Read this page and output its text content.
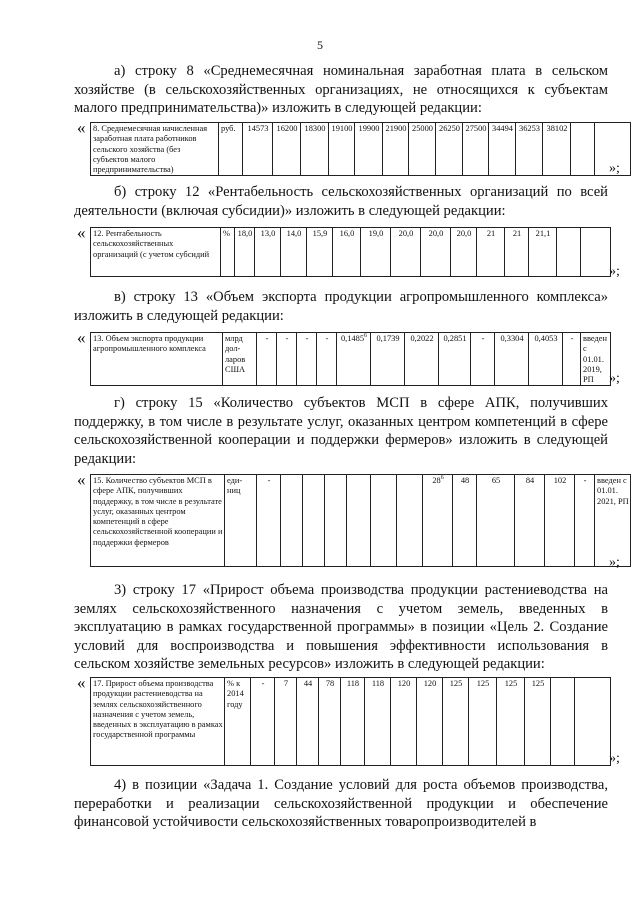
5

а) строку 8 «Среднемесячная номинальная заработная плата в сельском хозяйстве (в сельскохозяйственных организациях, не относящихся к субъектам малого предпринимательства)» изложить в следующей редакции:

« 8. Среднемесячная начисленная заработная плата работников сельского хозяйства (без субъектов малого предпринимательства)	руб.	14573	16200	18300	19100	19900	21900	25000	26250	27500	34494	36253	38102		
»;

б) строку 12 «Рентабельность сельскохозяйственных организаций по всей деятельности (включая субсидии)» изложить в следующей редакции:

« 12. Рентабельность сельскохозяйственных организаций (с учетом субсидий	%	18,0	13,0	14,0	15,9	16,0	19,0	20,0	20,0	20,0	21	21	21,1		
»;

в) строку 13 «Объем экспорта продукции агропромышленного комплекса» изложить в следующей редакции:

« 13. Объем экспорта продукции агропромышленного комплекса	млрд дол-ларов США	-	-	-	-	0,1485$^6$	0,1739	0,2022	0,2851	-	0,3304	0,4053	-	введен с 01.01. 2019, РП »;

г) строку 15 «Количество субъектов МСП в сфере АПК, получивших поддержку, в том числе в результате услуг, оказанных центром компетенций в сфере сельскохозяйственной кооперации и поддержки фермеров» изложить в следующей редакции:

« 15. Количество субъектов МСП в сфере АПК, получивших поддержку, в том числе в результате услуг, оказанных центром компетенций в сфере сельскохозяйственной кооперации и поддержки фермеров	еди-ниц	-							$28^6$	48	65	84	102	-	введен с 01.01. 2021, РП
»;

3) строку 17 «Прирост объема производства продукции растениеводства на землях сельскохозяйственного назначения с учетом земель, введенных в эксплуатацию в рамках государственной программы» в позиции «Цель 2. Создание условий для воспроизводства и повышения эффективности использования в сельском хозяйстве земельных ресурсов» изложить в следующей редакции:

« 17. Прирост объема производства продукции растениеводства на землях сельскохозяйственного назначения с учетом земель, введенных в эксплуатацию в рамках государственной программы	% к 2014 году	-	7	44	78	118	118	120	120	125	125	125	125		
»;

4) в позиции «Задача 1. Создание условий для роста объемов производства, переработки и реализации сельскохозяйственной продукции и обеспечение финансовой устойчивости сельскохозяйственных товаропроизводителей в
